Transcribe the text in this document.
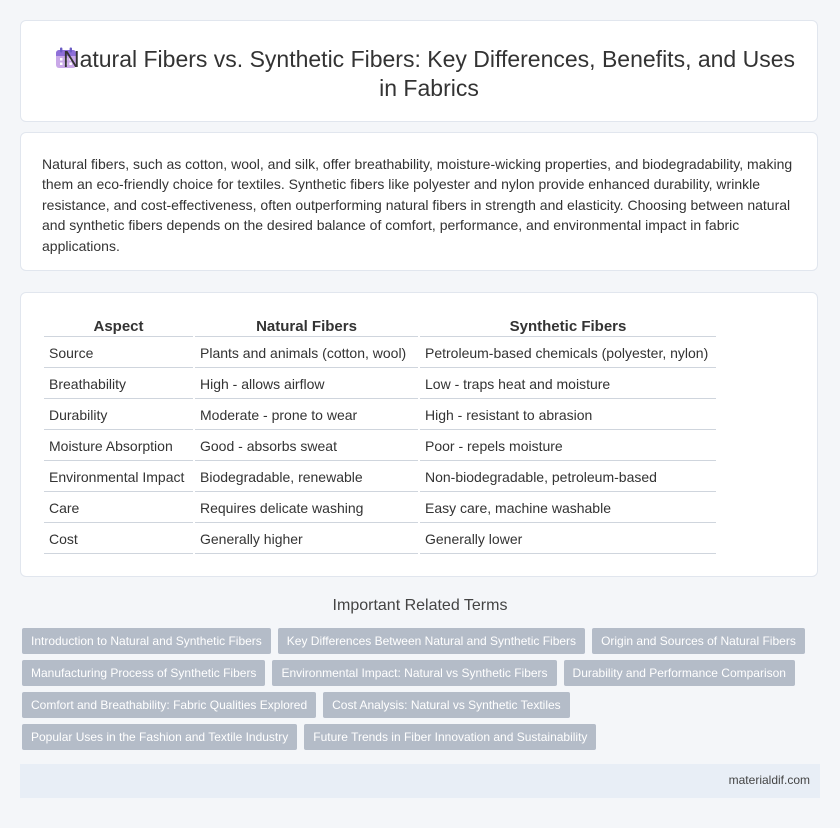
Natural Fibers vs. Synthetic Fibers: Key Differences, Benefits, and Uses in Fabrics

Natural fibers, such as cotton, wool, and silk, offer breathability, moisture-wicking properties, and biodegradability, making them an eco-friendly choice for textiles. Synthetic fibers like polyester and nylon provide enhanced durability, wrinkle resistance, and cost-effectiveness, often outperforming natural fibers in strength and elasticity. Choosing between natural and synthetic fibers depends on the desired balance of comfort, performance, and environmental impact in fabric applications.

Aspect	Natural Fibers	Synthetic Fibers
Source	Plants and animals (cotton, wool)	Petroleum-based chemicals (polyester, nylon)
Breathability	High - allows airflow	Low - traps heat and moisture
Durability	Moderate - prone to wear	High - resistant to abrasion
Moisture Absorption	Good - absorbs sweat	Poor - repels moisture
Environmental Impact	Biodegradable, renewable	Non-biodegradable, petroleum-based
Care	Requires delicate washing	Easy care, machine washable
Cost	Generally higher	Generally lower
Important Related Terms
Introduction to Natural and Synthetic Fibers	Key Differences Between Natural and Synthetic Fibers	Origin and Sources of Natural Fibers
Manufacturing Process of Synthetic Fibers	Environmental Impact: Natural vs Synthetic Fibers	Durability and Performance Comparison
Comfort and Breathability: Fabric Qualities Explored	Cost Analysis: Natural vs Synthetic Textiles
Popular Uses in the Fashion and Textile Industry	Future Trends in Fiber Innovation and Sustainability
materialdif.com
